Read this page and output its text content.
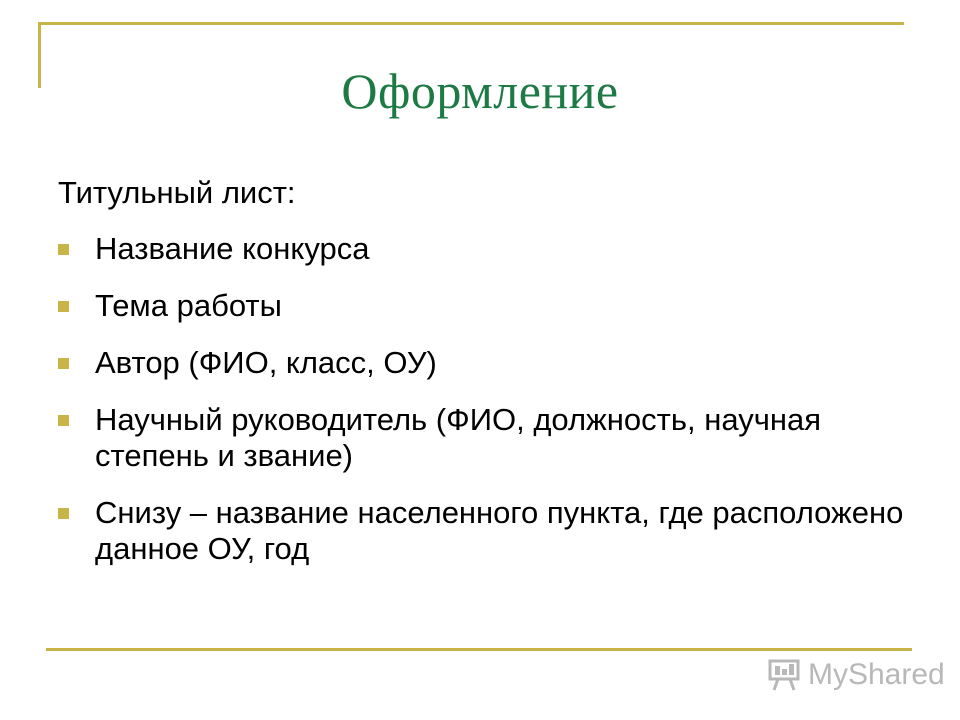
Оформление
Титульный лист:
Название конкурса
Тема работы
Автор (ФИО, класс, ОУ)
Научный руководитель (ФИО, должность, научная степень и звание)
Снизу – название населенного пункта, где расположено данное ОУ, год
MyShared
